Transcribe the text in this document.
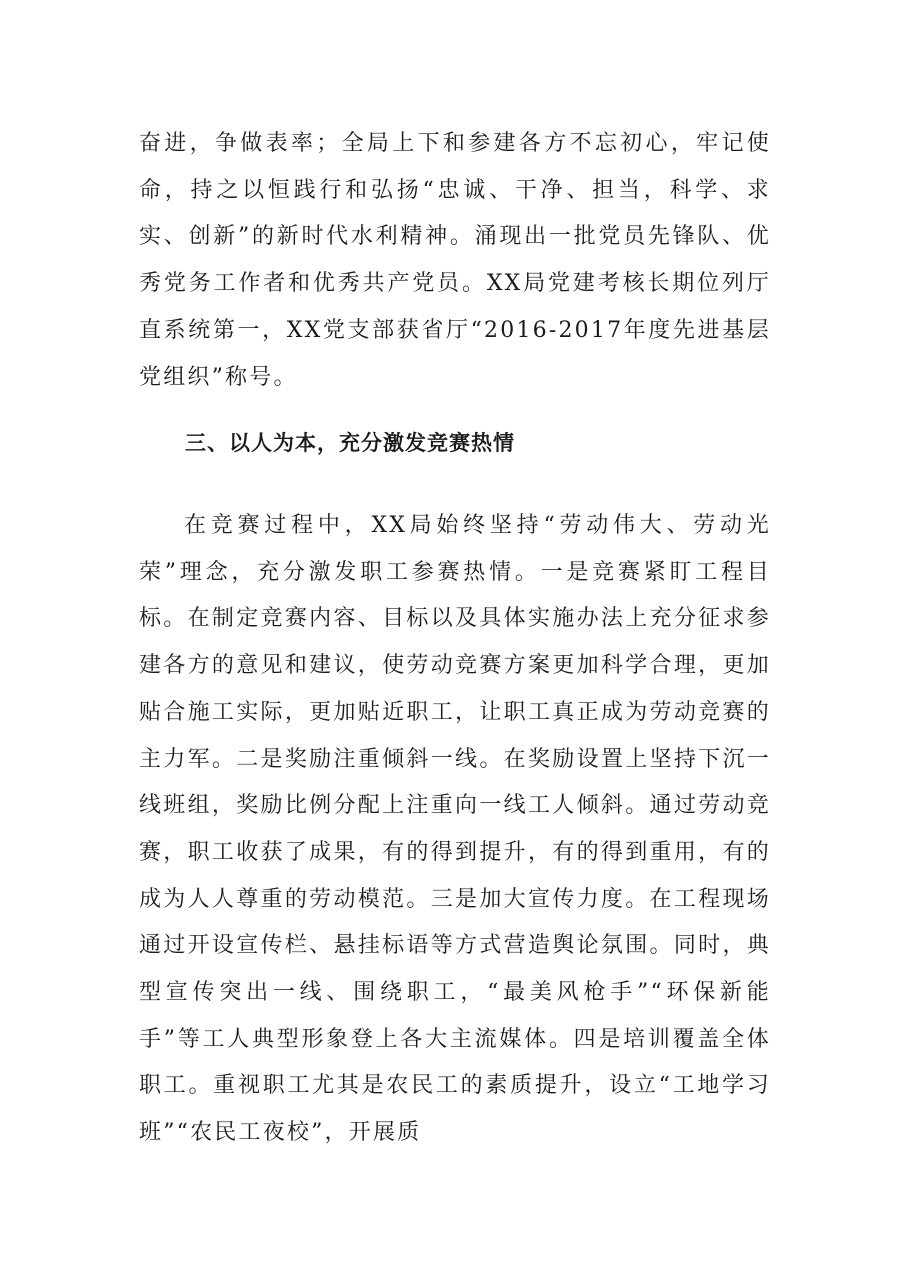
奋进，争做表率；全局上下和参建各方不忘初心，牢记使命，持之以恒践行和弘扬“忠诚、干净、担当，科学、求实、创新”的新时代水利精神。涌现出一批党员先锋队、优秀党务工作者和优秀共产党员。XX局党建考核长期位列厅直系统第一，XX党支部获省厅“2016-2017年度先进基层党组织”称号。

三、以人为本，充分激发竞赛热情

在竞赛过程中，XX局始终坚持“劳动伟大、劳动光荣”理念，充分激发职工参赛热情。一是竞赛紧盯工程目标。在制定竞赛内容、目标以及具体实施办法上充分征求参建各方的意见和建议，使劳动竞赛方案更加科学合理，更加贴合施工实际，更加贴近职工，让职工真正成为劳动竞赛的主力军。二是奖励注重倾斜一线。在奖励设置上坚持下沉一线班组，奖励比例分配上注重向一线工人倾斜。通过劳动竞赛，职工收获了成果，有的得到提升，有的得到重用，有的成为人人尊重的劳动模范。三是加大宣传力度。在工程现场通过开设宣传栏、悬挂标语等方式营造舆论氛围。同时，典型宣传突出一线、围绕职工，“最美风枪手”“环保新能手”等工人典型形象登上各大主流媒体。四是培训覆盖全体职工。重视职工尤其是农民工的素质提升，设立“工地学习班”“农民工夜校”，开展质
